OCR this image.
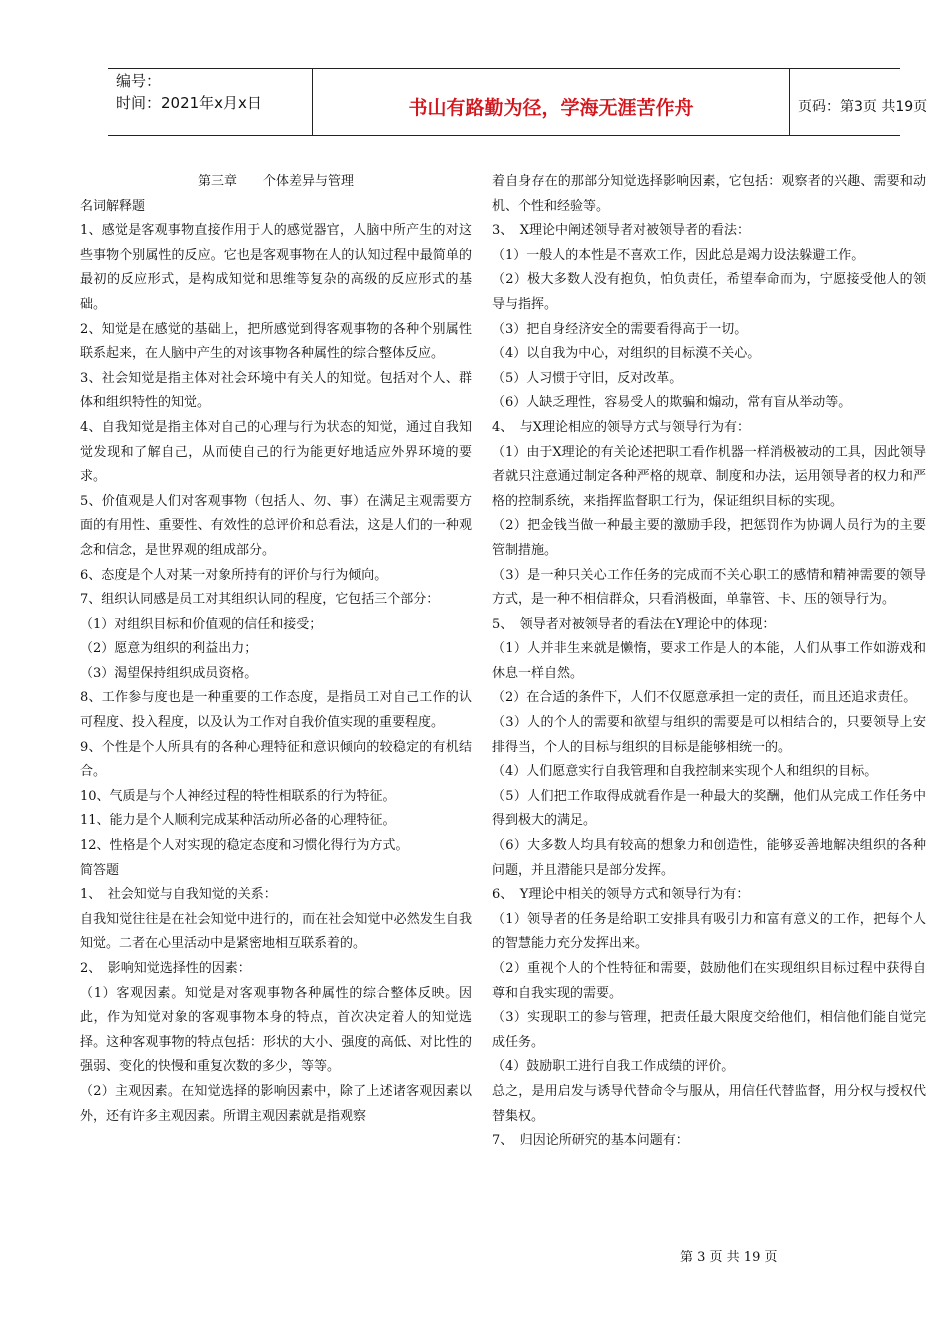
编号：
时间：2021年x月x日	书山有路勤为径，学海无涯苦作舟	页码：第3页 共19页

第三章　　个体差异与管理

名词解释题

1、感觉是客观事物直接作用于人的感觉器官，人脑中所产生的对这些事物个别属性的反应。它也是客观事物在人的认知过程中最简单的最初的反应形式，是构成知觉和思维等复杂的高级的反应形式的基础。

2、知觉是在感觉的基础上，把所感觉到得客观事物的各种个别属性联系起来，在人脑中产生的对该事物各种属性的综合整体反应。

3、社会知觉是指主体对社会环境中有关人的知觉。包括对个人、群体和组织特性的知觉。

4、自我知觉是指主体对自己的心理与行为状态的知觉，通过自我知觉发现和了解自己，从而使自己的行为能更好地适应外界环境的要求。

5、价值观是人们对客观事物（包括人、勿、事）在满足主观需要方面的有用性、重要性、有效性的总评价和总看法，这是人们的一种观念和信念，是世界观的组成部分。

6、态度是个人对某一对象所持有的评价与行为倾向。

7、组织认同感是员工对其组织认同的程度，它包括三个部分：

（1）对组织目标和价值观的信任和接受；

（2）愿意为组织的利益出力；

（3）渴望保持组织成员资格。

8、工作参与度也是一种重要的工作态度，是指员工对自己工作的认可程度、投入程度，以及认为工作对自我价值实现的重要程度。

9、个性是个人所具有的各种心理特征和意识倾向的较稳定的有机结合。

10、气质是与个人神经过程的特性相联系的行为特征。

11、能力是个人顺利完成某种活动所必备的心理特征。

12、性格是个人对实现的稳定态度和习惯化得行为方式。

简答题

1、　社会知觉与自我知觉的关系：

自我知觉往往是在社会知觉中进行的，而在社会知觉中必然发生自我知觉。二者在心里活动中是紧密地相互联系着的。

2、　影响知觉选择性的因素：

（1）客观因素。知觉是对客观事物各种属性的综合整体反映。因此，作为知觉对象的客观事物本身的特点，首次决定着人的知觉选择。这种客观事物的特点包括：形状的大小、强度的高低、对比性的强弱、变化的快慢和重复次数的多少，等等。

（2）主观因素。在知觉选择的影响因素中，除了上述诸客观因素以外，还有许多主观因素。所谓主观因素就是指观察

着自身存在的那部分知觉选择影响因素，它包括：观察者的兴趣、需要和动机、个性和经验等。

3、　X理论中阐述领导者对被领导者的看法：

（1）一般人的本性是不喜欢工作，因此总是竭力设法躲避工作。

（2）极大多数人没有抱负，怕负责任，希望奉命而为，宁愿接受他人的领导与指挥。

（3）把自身经济安全的需要看得高于一切。

（4）以自我为中心，对组织的目标漠不关心。

（5）人习惯于守旧，反对改革。

（6）人缺乏理性，容易受人的欺骗和煽动，常有盲从举动等。

4、　与X理论相应的领导方式与领导行为有：

（1）由于X理论的有关论述把职工看作机器一样消极被动的工具，因此领导者就只注意通过制定各种严格的规章、制度和办法，运用领导者的权力和严格的控制系统，来指挥监督职工行为，保证组织目标的实现。

（2）把金钱当做一种最主要的激励手段，把惩罚作为协调人员行为的主要管制措施。

（3）是一种只关心工作任务的完成而不关心职工的感情和精神需要的领导方式，是一种不相信群众，只看消极面，单靠管、卡、压的领导行为。

5、　领导者对被领导者的看法在Y理论中的体现：

（1）人并非生来就是懒惰，要求工作是人的本能，人们从事工作如游戏和休息一样自然。

（2）在合适的条件下，人们不仅愿意承担一定的责任，而且还追求责任。

（3）人的个人的需要和欲望与组织的需要是可以相结合的，只要领导上安排得当，个人的目标与组织的目标是能够相统一的。

（4）人们愿意实行自我管理和自我控制来实现个人和组织的目标。

（5）人们把工作取得成就看作是一种最大的奖酬，他们从完成工作任务中得到极大的满足。

（6）大多数人均具有较高的想象力和创造性，能够妥善地解决组织的各种问题，并且潜能只是部分发挥。

6、　Y理论中相关的领导方式和领导行为有：

（1）领导者的任务是给职工安排具有吸引力和富有意义的工作，把每个人的智慧能力充分发挥出来。

（2）重视个人的个性特征和需要，鼓励他们在实现组织目标过程中获得自尊和自我实现的需要。

（3）实现职工的参与管理，把责任最大限度交给他们，相信他们能自觉完成任务。

（4）鼓励职工进行自我工作成绩的评价。

总之，是用启发与诱导代替命令与服从，用信任代替监督，用分权与授权代替集权。

7、　归因论所研究的基本问题有：

第 3 页 共 19 页
